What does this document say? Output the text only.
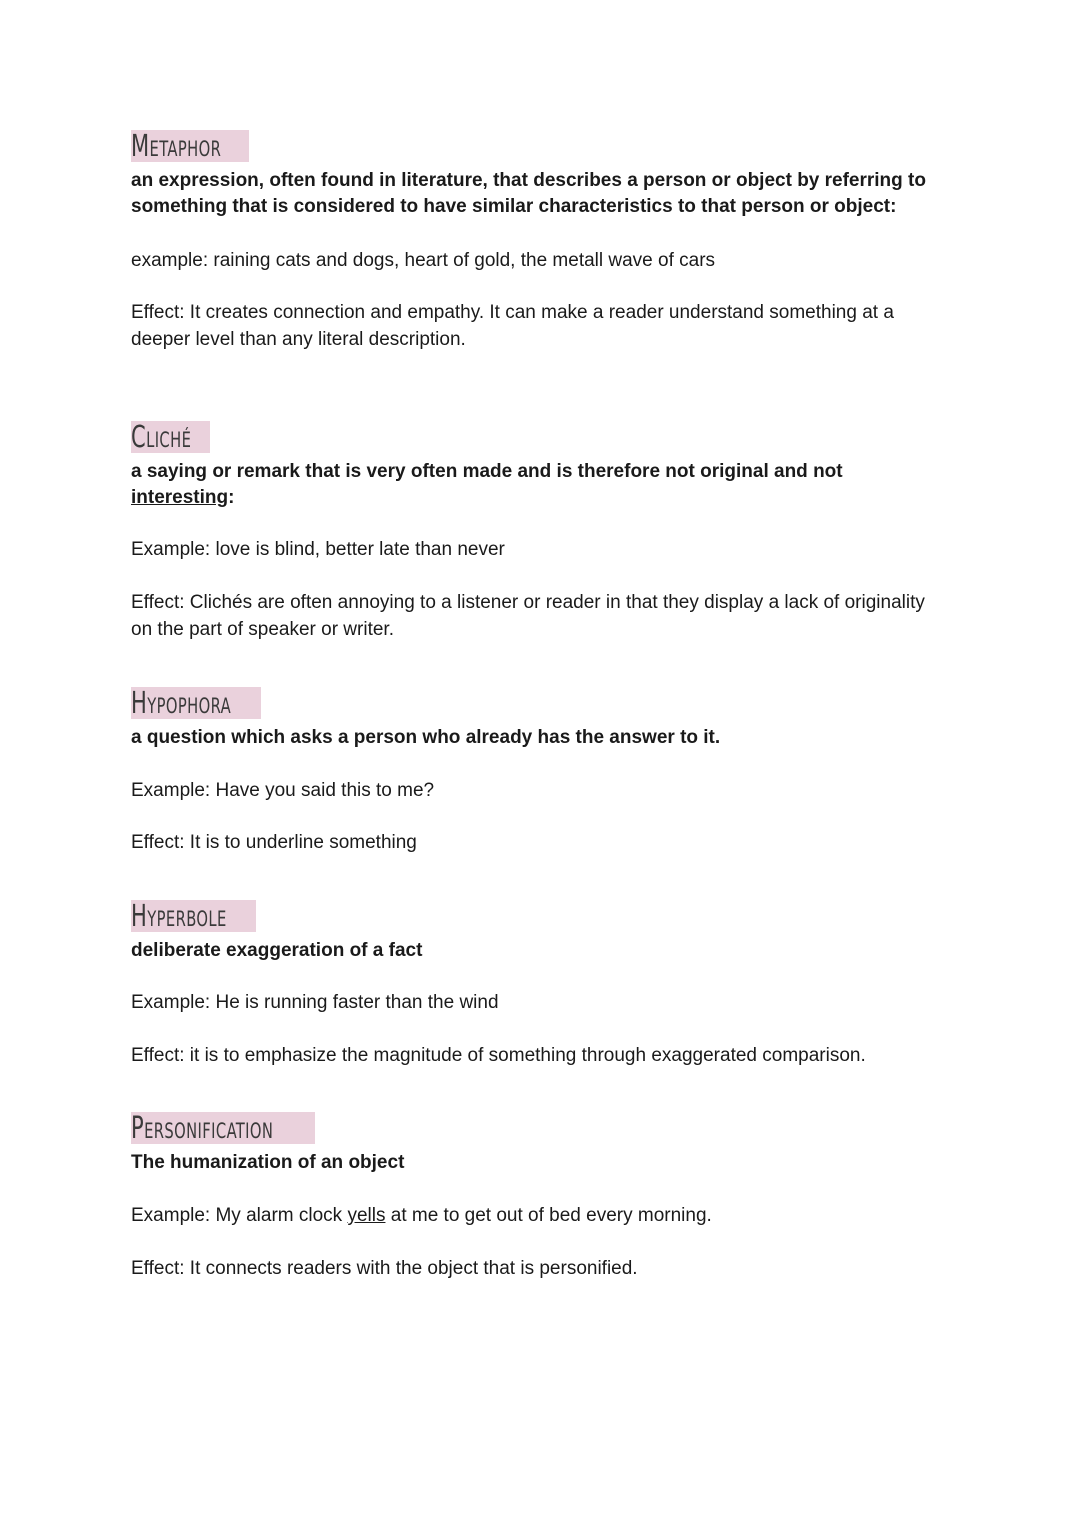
Metaphor

an expression, often found in literature, that describes a person or object by referring to something that is considered to have similar characteristics to that person or object:

example: raining cats and dogs, heart of gold, the metall wave of cars

Effect: It creates connection and empathy. It can make a reader understand something at a deeper level than any literal description.

Cliché

a saying or remark that is very often made and is therefore not original and not interesting:

Example: love is blind, better late than never

Effect: Clichés are often annoying to a listener or reader in that they display a lack of originality on the part of speaker or writer.

Hypophora

a question which asks a person who already has the answer to it.

Example: Have you said this to me?

Effect: It is to underline something

Hyperbole

deliberate exaggeration of a fact

Example: He is running faster than the wind

Effect: it is to emphasize the magnitude of something through exaggerated comparison.

Personification

The humanization of an object

Example: My alarm clock yells at me to get out of bed every morning.

Effect: It connects readers with the object that is personified.
